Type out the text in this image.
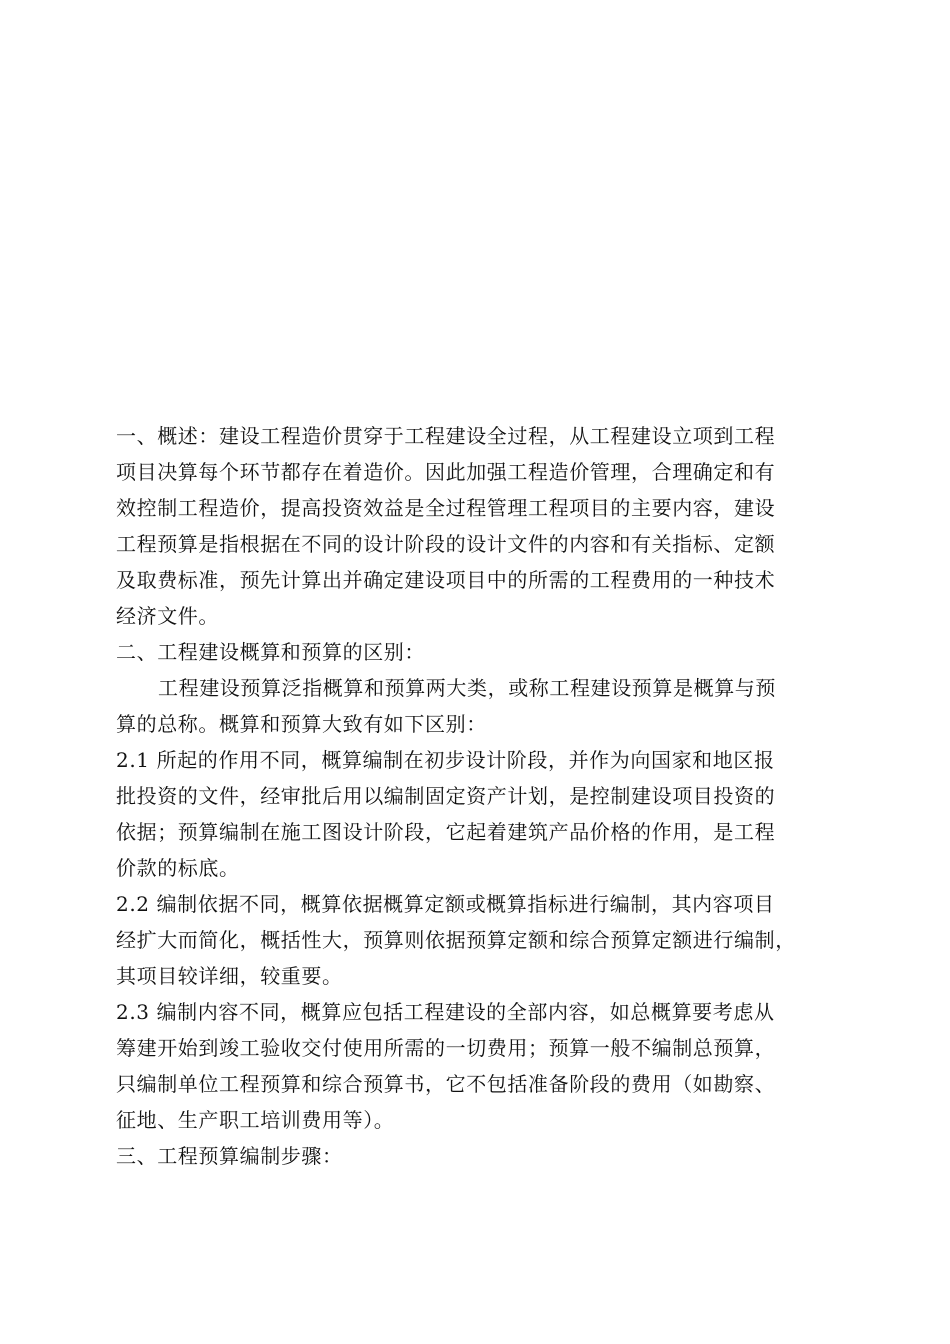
一、概述：建设工程造价贯穿于工程建设全过程，从工程建设立项到工程
项目决算每个环节都存在着造价。因此加强工程造价管理，合理确定和有
效控制工程造价，提高投资效益是全过程管理工程项目的主要内容，建设
工程预算是指根据在不同的设计阶段的设计文件的内容和有关指标、定额
及取费标准，预先计算出并确定建设项目中的所需的工程费用的一种技术
经济文件。
二、工程建设概算和预算的区别：
工程建设预算泛指概算和预算两大类，或称工程建设预算是概算与预
算的总称。概算和预算大致有如下区别：
2.1 所起的作用不同，概算编制在初步设计阶段，并作为向国家和地区报
批投资的文件，经审批后用以编制固定资产计划，是控制建设项目投资的
依据；预算编制在施工图设计阶段，它起着建筑产品价格的作用，是工程
价款的标底。
2.2 编制依据不同，概算依据概算定额或概算指标进行编制，其内容项目
经扩大而简化，概括性大，预算则依据预算定额和综合预算定额进行编制，
其项目较详细，较重要。
2.3 编制内容不同，概算应包括工程建设的全部内容，如总概算要考虑从
筹建开始到竣工验收交付使用所需的一切费用；预算一般不编制总预算，
只编制单位工程预算和综合预算书，它不包括准备阶段的费用（如勘察、
征地、生产职工培训费用等）。
三、工程预算编制步骤：
